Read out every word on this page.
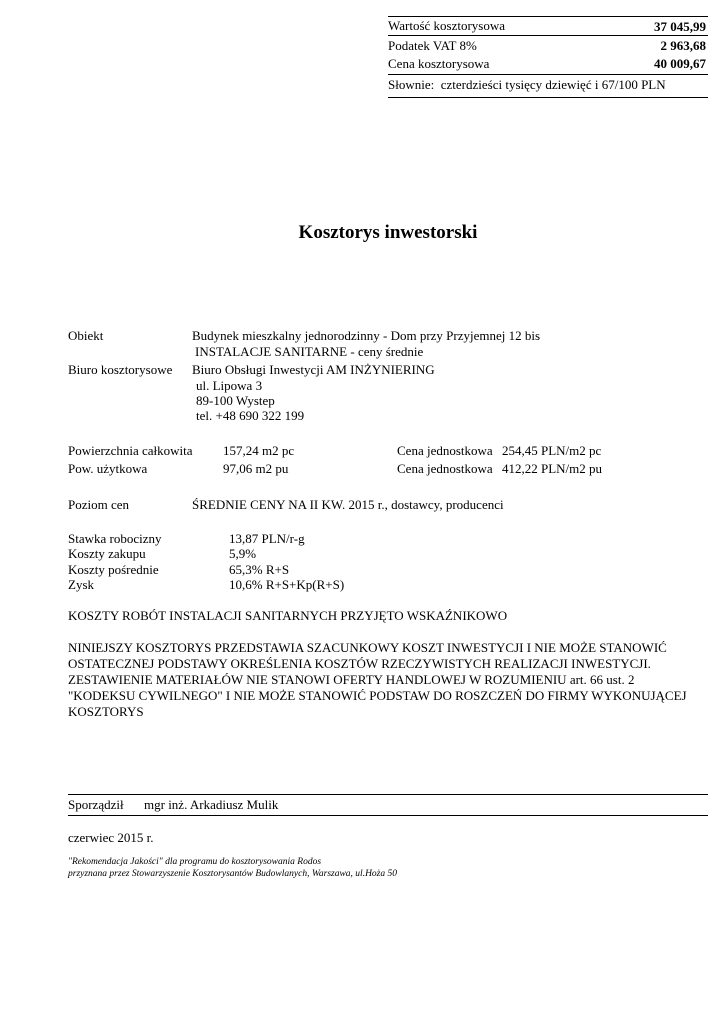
Wartość kosztorysowa	37 045,99
Podatek VAT 8%	2 963,68
Cena kosztorysowa	40 009,67
Słownie: czterdzieści tysięcy dziewięć i 67/100 PLN
Kosztorys inwestorski
Obiekt	Budynek mieszkalny jednorodzinny - Dom przy Przyjemnej 12 bis
INSTALACJE SANITARNE - ceny średnie
Biuro kosztorysowe Biuro Obsługi Inwestycji AM INŻYNIERING
ul. Lipowa 3
89-100 Wystep
tel. +48 690 322 199
Powierzchnia całkowita 157,24 m2 pc	Cena jednostkowa 254,45 PLN/m2 pc
Pow. użytkowa	97,06 m2 pu	Cena jednostkowa 412,22 PLN/m2 pu
Poziom cen	ŚREDNIE CENY NA II KW. 2015 r., dostawcy, producenci
Stawka robocizny	13,87 PLN/r-g
Koszty zakupu	5,9%
Koszty pośrednie	65,3% R+S
Zysk	10,6% R+S+Kp(R+S)
KOSZTY ROBÓT INSTALACJI SANITARNYCH PRZYJĘTO WSKAŹNIKOWO
NINIEJSZY KOSZTORYS PRZEDSTAWIA SZACUNKOWY KOSZT INWESTYCJI I NIE MOŻE STANOWIĆ
OSTATECZNEJ PODSTAWY OKREŚLENIA KOSZTÓW RZECZYWISTYCH REALIZACJI INWESTYCJI.
ZESTAWIENIE MATERIAŁÓW NIE STANOWI OFERTY HANDLOWEJ W ROZUMIENIU art. 66 ust. 2
"KODEKSU CYWILNEGO" I NIE MOŻE STANOWIĆ PODSTAW DO ROSZCZEŃ DO FIRMY WYKONUJĄCEJ
KOSZTORYS
Sporządził mgr inż. Arkadiusz Mulik
czerwiec 2015 r.
"Rekomendacja Jakości" dla programu do kosztorysowania Rodos
przyznana przez Stowarzyszenie Kosztorysantów Budowlanych, Warszawa, ul.Hoża 50
